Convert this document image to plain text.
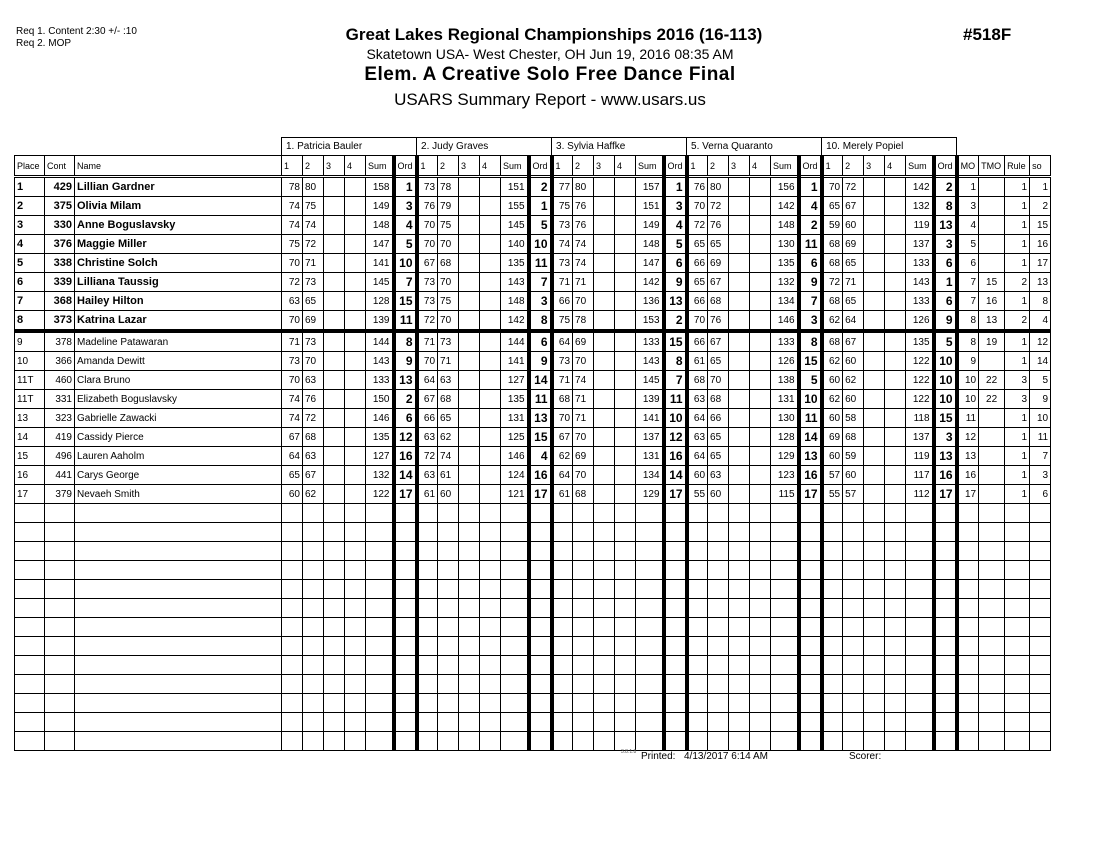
Req 1. Content 2:30 +/- :10
Req 2. MOP	Great Lakes Regional Championships 2016 (16-113)	#518F
Skatetown USA- West Chester, OH Jun 19, 2016 08:35 AM
Elem. A Creative Solo Free Dance Final
USARS Summary Report - www.usars.us
			1. Patricia Bauler						2. Judy Graves						3. Sylvia Haffke						5. Verna Quaranto						10. Merely Popiel									
Place	Cont	Name	1	2	3	4	Sum	Ord	1	2	3	4	Sum	Ord	1	2	3	4	Sum	Ord	1	2	3	4	Sum	Ord	1	2	3	4	Sum	Ord	MO	TMO	Rule	so
1	429	Lillian Gardner	78	80			158	1	73	78			151	2	77	80			157	1	76	80			156	1	70	72			142	2	1		1	1
2	375	Olivia Milam	74	75			149	3	76	79			155	1	75	76			151	3	70	72			142	4	65	67			132	8	3		1	2
3	330	Anne Boguslavsky	74	74			148	4	70	75			145	5	73	76			149	4	72	76			148	2	59	60			119	13	4		1	15
4	376	Maggie Miller	75	72			147	5	70	70			140	10	74	74			148	5	65	65			130	11	68	69			137	3	5		1	16
5	338	Christine Solch	70	71			141	10	67	68			135	11	73	74			147	6	66	69			135	6	68	65			133	6	6		1	17
6	339	Lilliana Taussig	72	73			145	7	73	70			143	7	71	71			142	9	65	67			132	9	72	71			143	1	7	15	2	13
7	368	Hailey Hilton	63	65			128	15	73	75			148	3	66	70			136	13	66	68			134	7	68	65			133	6	7	16	1	8
8	373	Katrina Lazar	70	69			139	11	72	70			142	8	75	78			153	2	70	76			146	3	62	64			126	9	8	13	2	4
9	378	Madeline Patawaran	71	73			144	8	71	73			144	6	64	69			133	15	66	67			133	8	68	67			135	5	8	19	1	12
10	366	Amanda Dewitt	73	70			143	9	70	71			141	9	73	70			143	8	61	65			126	15	62	60			122	10	9		1	14
11T	460	Clara Bruno	70	63			133	13	64	63			127	14	71	74			145	7	68	70			138	5	60	62			122	10	10	22	3	5
11T	331	Elizabeth Boguslavsky	74	76			150	2	67	68			135	11	68	71			139	11	63	68			131	10	62	60			122	10	10	22	3	9
13	323	Gabrielle Zawacki	74	72			146	6	66	65			131	13	70	71			141	10	64	66			130	11	60	58			118	15	11		1	10
14	419	Cassidy Pierce	67	68			135	12	63	62			125	15	67	70			137	12	63	65			128	14	69	68			137	3	12		1	11
15	496	Lauren Aaholm	64	63			127	16	72	74			146	4	62	69			131	16	64	65			129	13	60	59			119	13	13		1	7
16	441	Carys George	65	67			132	14	63	61			124	16	64	70			134	14	60	63			123	16	57	60			117	16	16		1	3
17	379	Nevaeh Smith	60	62			122	17	61	60			121	17	61	68			129	17	55	60			115	17	55	57			112	17	17		1	6

3.8.1.8 Printed: 4/13/2017 6:14 AM	Scorer:
